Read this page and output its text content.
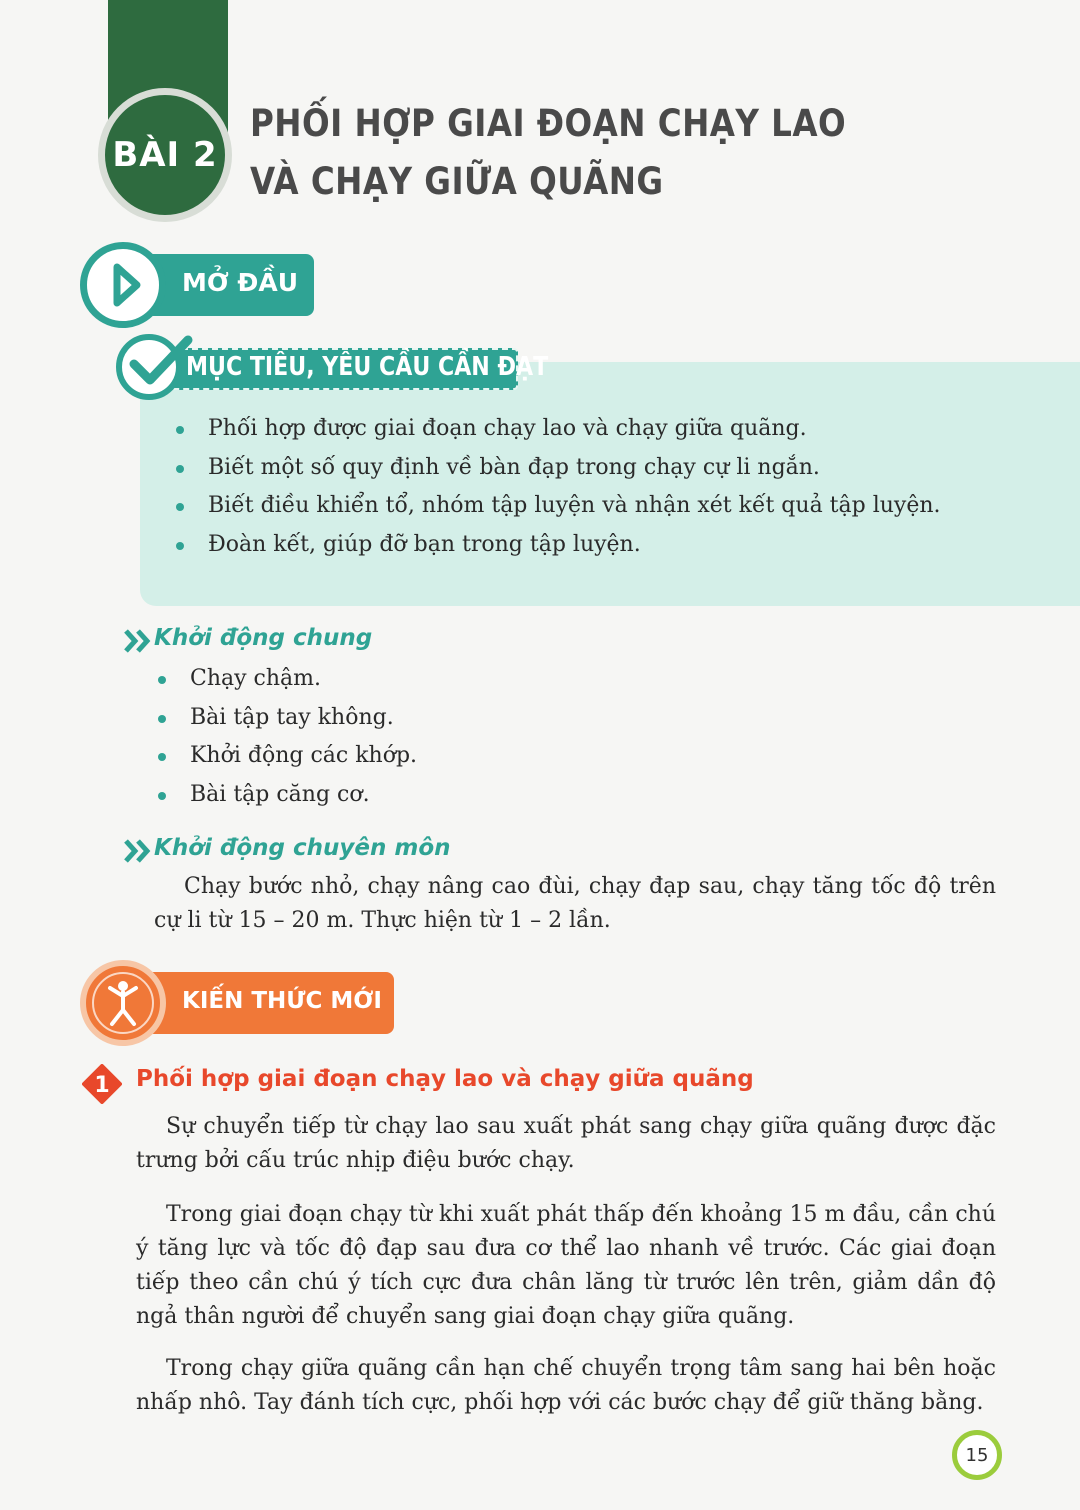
BÀI 2
PHỐI HỢP GIAI ĐOẠN CHẠY LAO
VÀ CHẠY GIỮA QUÃNG
MỞ ĐẦU
MỤC TIÊU, YÊU CẦU CẦN ĐẠT
Phối hợp được giai đoạn chạy lao và chạy giữa quãng.
Biết một số quy định về bàn đạp trong chạy cự li ngắn.
Biết điều khiển tổ, nhóm tập luyện và nhận xét kết quả tập luyện.
Đoàn kết, giúp đỡ bạn trong tập luyện.
Khởi động chung
Chạy chậm.
Bài tập tay không.
Khởi động các khớp.
Bài tập căng cơ.
Khởi động chuyên môn
Chạy bước nhỏ, chạy nâng cao đùi, chạy đạp sau, chạy tăng tốc độ trên cự li từ 15 – 20 m. Thực hiện từ 1 – 2 lần.
KIẾN THỨC MỚI
1 Phối hợp giai đoạn chạy lao và chạy giữa quãng
Sự chuyển tiếp từ chạy lao sau xuất phát sang chạy giữa quãng được đặc trưng bởi cấu trúc nhịp điệu bước chạy.
Trong giai đoạn chạy từ khi xuất phát thấp đến khoảng 15 m đầu, cần chú ý tăng lực và tốc độ đạp sau đưa cơ thể lao nhanh về trước. Các giai đoạn tiếp theo cần chú ý tích cực đưa chân lăng từ trước lên trên, giảm dần độ ngả thân người để chuyển sang giai đoạn chạy giữa quãng.
Trong chạy giữa quãng cần hạn chế chuyển trọng tâm sang hai bên hoặc nhấp nhô. Tay đánh tích cực, phối hợp với các bước chạy để giữ thăng bằng.
15
